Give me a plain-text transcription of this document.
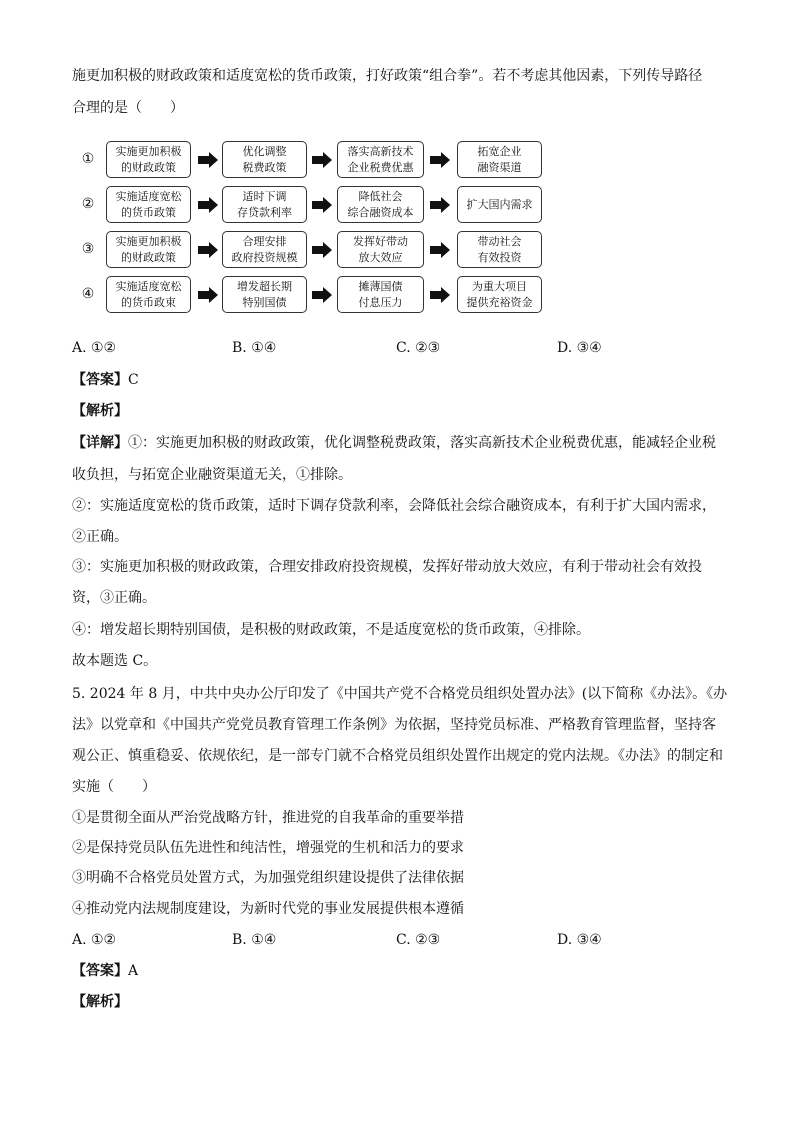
施更加积极的财政政策和适度宽松的货币政策，打好政策“组合拳”。若不考虑其他因素，下列传导路径
合理的是（　　）
① 实施更加积极
的财政政策
优化调整
税费政策
落实高新技术
企业税费优惠
拓宽企业
融资渠道
② 实施适度宽松
的货币政策
适时下调
存贷款利率
降低社会
综合融资成本
扩大国内需求
③ 实施更加积极
的财政政策
合理安排
政府投资规模
发挥好带动
放大效应
带动社会
有效投资
④ 实施适度宽松
的货币政束
增发超长期
特别国债
摊薄国债
付息压力
为重大项目
提供充裕资金
A. ①②	B. ①④	C. ②③	D. ③④
【答案】C
【解析】
【详解】①：实施更加积极的财政政策，优化调整税费政策，落实高新技术企业税费优惠，能减轻企业税
收负担，与拓宽企业融资渠道无关，①排除。
②：实施适度宽松的货币政策，适时下调存贷款利率，会降低社会综合融资成本，有利于扩大国内需求，
②正确。
③：实施更加积极的财政政策，合理安排政府投资规模，发挥好带动放大效应，有利于带动社会有效投
资，③正确。
④：增发超长期特别国债，是积极的财政政策，不是适度宽松的货币政策，④排除。
故本题选 C。
5. 2024 年 8 月，中共中央办公厅印发了《中国共产党不合格党员组织处置办法》(以下简称《办法》。《办
法》以党章和《中国共产党党员教育管理工作条例》为依据，坚持党员标准、严格教育管理监督，坚持客
观公正、慎重稳妥、依规依纪，是一部专门就不合格党员组织处置作出规定的党内法规。《办法》的制定和
实施（　　）
①是贯彻全面从严治党战略方针，推进党的自我革命的重要举措
②是保持党员队伍先进性和纯洁性，增强党的生机和活力的要求
③明确不合格党员处置方式，为加强党组织建设提供了法律依据
④推动党内法规制度建设，为新时代党的事业发展提供根本遵循
A. ①②	B. ①④	C. ②③	D. ③④
【答案】A
【解析】
